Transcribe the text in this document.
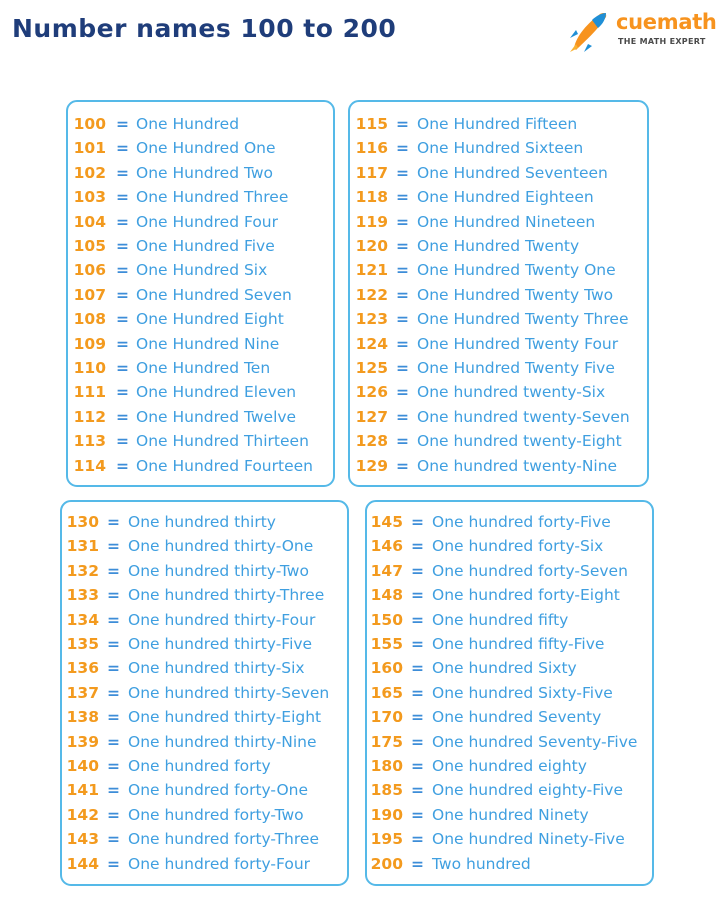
Number names 100 to 200	cuemath
THE MATH EXPERT
100 = One Hundred
101 = One Hundred One
102 = One Hundred Two
103 = One Hundred Three
104 = One Hundred Four
105 = One Hundred Five
106 = One Hundred Six
107 = One Hundred Seven
108 = One Hundred Eight
109 = One Hundred Nine
110 = One Hundred Ten
111 = One Hundred Eleven
112 = One Hundred Twelve
113 = One Hundred Thirteen
114 = One Hundred Fourteen
115 = One Hundred Fifteen
116 = One Hundred Sixteen
117 = One Hundred Seventeen
118 = One Hundred Eighteen
119 = One Hundred Nineteen
120 = One Hundred Twenty
121 = One Hundred Twenty One
122 = One Hundred Twenty Two
123 = One Hundred Twenty Three
124 = One Hundred Twenty Four
125 = One Hundred Twenty Five
126 = One hundred twenty-Six
127 = One hundred twenty-Seven
128 = One hundred twenty-Eight
129 = One hundred twenty-Nine
130 = One hundred thirty
131 = One hundred thirty-One
132 = One hundred thirty-Two
133 = One hundred thirty-Three
134 = One hundred thirty-Four
135 = One hundred thirty-Five
136 = One hundred thirty-Six
137 = One hundred thirty-Seven
138 = One hundred thirty-Eight
139 = One hundred thirty-Nine
140 = One hundred forty
141 = One hundred forty-One
142 = One hundred forty-Two
143 = One hundred forty-Three
144 = One hundred forty-Four
145 = One hundred forty-Five
146 = One hundred forty-Six
147 = One hundred forty-Seven
148 = One hundred forty-Eight
150 = One hundred fifty
155 = One hundred fifty-Five
160 = One hundred Sixty
165 = One hundred Sixty-Five
170 = One hundred Seventy
175 = One hundred Seventy-Five
180 = One hundred eighty
185 = One hundred eighty-Five
190 = One hundred Ninety
195 = One hundred Ninety-Five
200 = Two hundred
